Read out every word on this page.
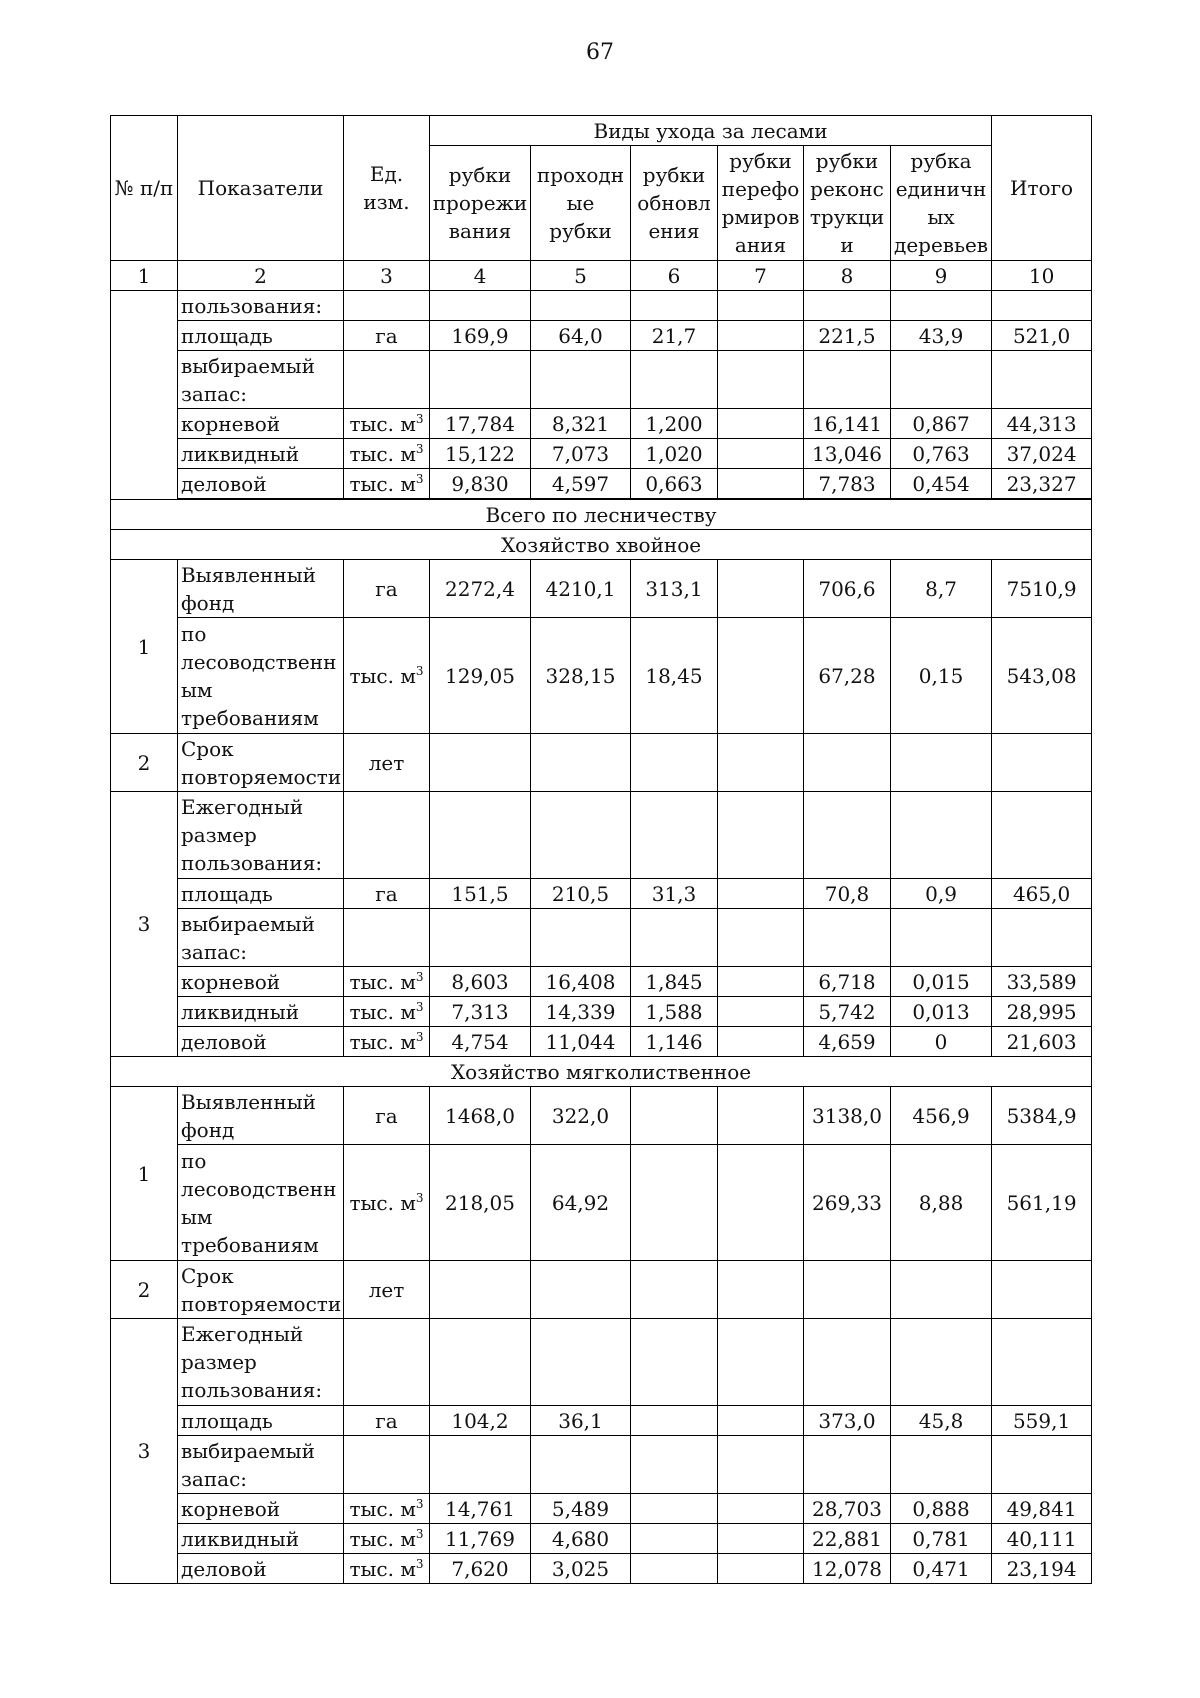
67
№ п/п	Показатели	Ед. изм.	Виды ухода за лесами						Итого
			рубки прорежи вания	проходн ые рубки	рубки обновл ения	рубки перефо рмиров ания	рубки реконс трукци и	рубка единичн ых деревьев	
1	2	3	4	5	6	7	8	9	10
	пользования:								
	площадь	га	169,9	64,0	21,7		221,5	43,9	521,0
	выбираемый запас:								
	корневой	тыс. $м^3$	17,784	8,321	1,200		16,141	0,867	44,313
	ликвидный	тыс. $м^3$	15,122	7,073	1,020		13,046	0,763	37,024
	деловой	тыс. $м^3$	9,830	4,597	0,663		7,783	0,454	23,327

Всего по лесничеству									
Хозяйство хвойное									
1	Выявленный фонд	га	2272,4	4210,1	313,1		706,6	8,7	7510,9
	по лесоводственн ым требованиям	тыс. $м^3$	129,05	328,15	18,45		67,28	0,15	543,08
2	Срок повторяемости	лет							
3	Ежегодный размер пользования:								
	площадь	га	151,5	210,5	31,3		70,8	0,9	465,0
	выбираемый запас:								
	корневой	тыс. $м^3$	8,603	16,408	1,845		6,718	0,015	33,589
	ликвидный	тыс. $м^3$	7,313	14,339	1,588		5,742	0,013	28,995
	деловой	тыс. $м^3$	4,754	11,044	1,146		4,659	0	21,603
Хозяйство мягколиственное									
1	Выявленный фонд	га	1468,0	322,0			3138,0	456,9	5384,9
	по лесоводственн ым требованиям	тыс. $м^3$	218,05	64,92			269,33	8,88	561,19
2	Срок повторяемости	лет							
3	Ежегодный размер пользования:								
	площадь	га	104,2	36,1			373,0	45,8	559,1
	выбираемый запас:								
	корневой	тыс. $м^3$	14,761	5,489			28,703	0,888	49,841
	ликвидный	тыс. $м^3$	11,769	4,680			22,881	0,781	40,111
	деловой	тыс. $м^3$	7,620	3,025			12,078	0,471	23,194
